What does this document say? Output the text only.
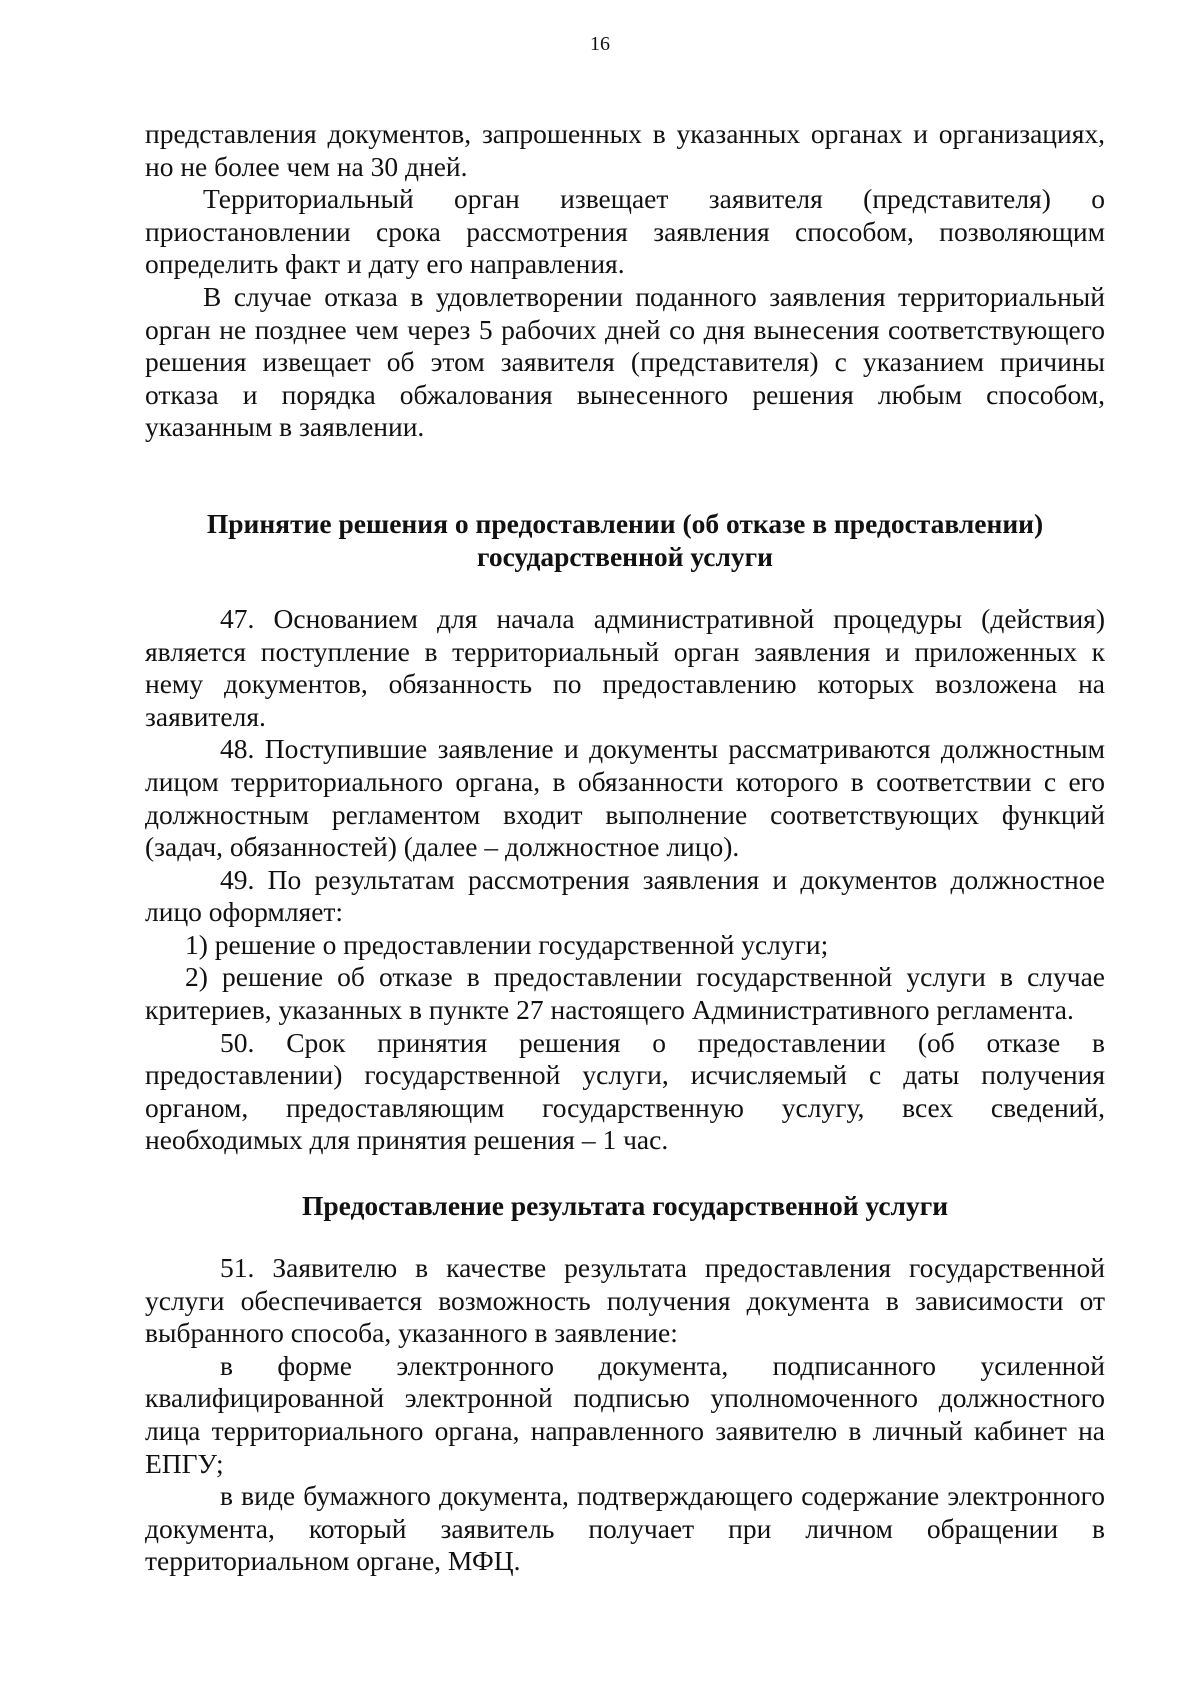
16

представления документов, запрошенных в указанных органах и организациях, но не более чем на 30 дней.

Территориальный орган извещает заявителя (представителя) о приостановлении срока рассмотрения заявления способом, позволяющим определить факт и дату его направления.

В случае отказа в удовлетворении поданного заявления территориальный орган не позднее чем через 5 рабочих дней со дня вынесения соответствующего решения извещает об этом заявителя (представителя) с указанием причины отказа и порядка обжалования вынесенного решения любым способом, указанным в заявлении.

Принятие решения о предоставлении (об отказе в предоставлении)

государственной услуги

47. Основанием для начала административной процедуры (действия) является поступление в территориальный орган заявления и приложенных к нему документов, обязанность по предоставлению которых возложена на заявителя.

48. Поступившие заявление и документы рассматриваются должностным лицом территориального органа, в обязанности которого в соответствии с его должностным регламентом входит выполнение соответствующих функций (задач, обязанностей) (далее – должностное лицо).

49. По результатам рассмотрения заявления и документов должностное лицо оформляет:

1) решение о предоставлении государственной услуги;

2) решение об отказе в предоставлении государственной услуги в случае критериев, указанных в пункте 27 настоящего Административного регламента.

50. Срок принятия решения о предоставлении (об отказе в предоставлении) государственной услуги, исчисляемый с даты получения органом, предоставляющим государственную услугу, всех сведений, необходимых для принятия решения – 1 час.

Предоставление результата государственной услуги

51. Заявителю в качестве результата предоставления государственной услуги обеспечивается возможность получения документа в зависимости от выбранного способа, указанного в заявление:

в форме электронного документа, подписанного усиленной квалифицированной электронной подписью уполномоченного должностного лица территориального органа, направленного заявителю в личный кабинет на ЕПГУ;

в виде бумажного документа, подтверждающего содержание электронного документа, который заявитель получает при личном обращении в территориальном органе, МФЦ.
